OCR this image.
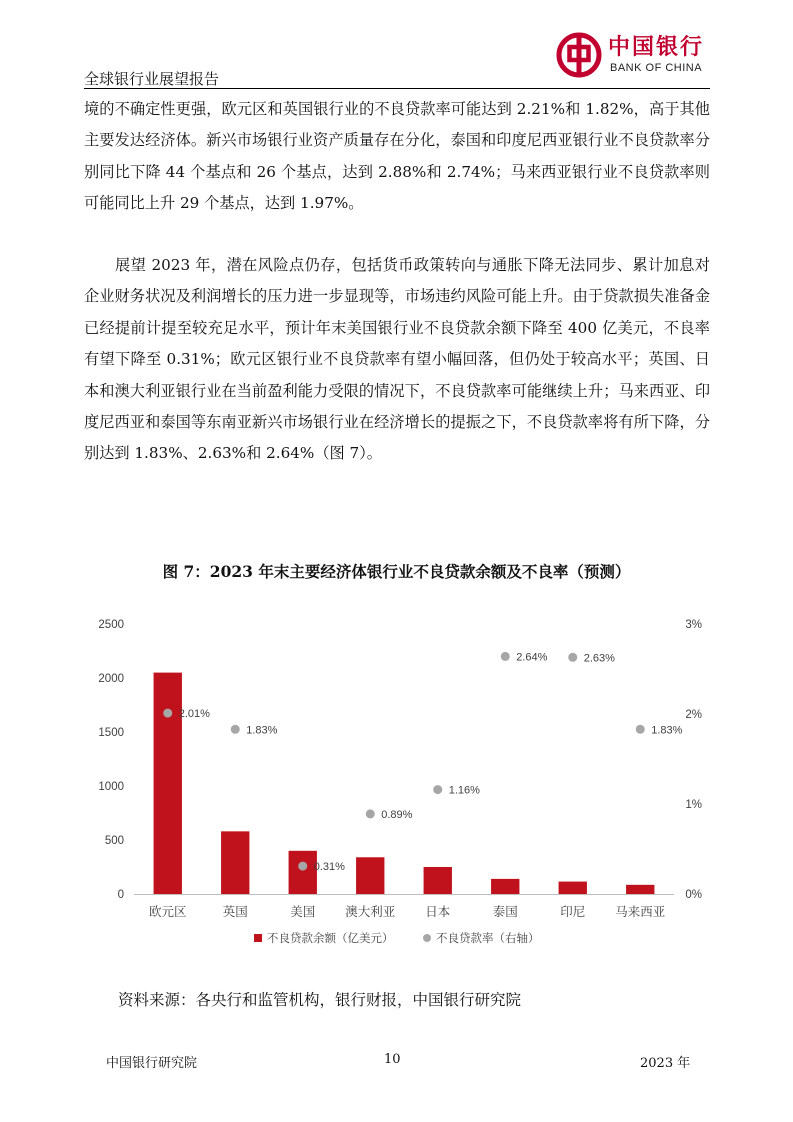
全球银行业展望报告
中国银行
BANK OF CHINA

境的不确定性更强，欧元区和英国银行业的不良贷款率可能达到 2.21%和 1.82%，高于其他主要发达经济体。新兴市场银行业资产质量存在分化，泰国和印度尼西亚银行业不良贷款率分别同比下降 44 个基点和 26 个基点，达到 2.88%和 2.74%；马来西亚银行业不良贷款率则可能同比上升 29 个基点，达到 1.97%。

展望 2023 年，潜在风险点仍存，包括货币政策转向与通胀下降无法同步、累计加息对企业财务状况及利润增长的压力进一步显现等，市场违约风险可能上升。由于贷款损失准备金已经提前计提至较充足水平，预计年末美国银行业不良贷款余额下降至 400 亿美元，不良率有望下降至 0.31%；欧元区银行业不良贷款率有望小幅回落，但仍处于较高水平；英国、日本和澳大利亚银行业在当前盈利能力受限的情况下，不良贷款率可能继续上升；马来西亚、印度尼西亚和泰国等东南亚新兴市场银行业在经济增长的提振之下，不良贷款率将有所下降，分别达到 1.83%、2.63%和 2.64%（图 7）。

图 7：2023 年末主要经济体银行业不良贷款余额及不良率（预测）
0
500
1000
1500
2000
2500
0%
1%
2%
3%
2.01%
1.83%
0.31%
0.89%
1.16%
2.64%	2.63%
1.83%
欧元区	英国	美国 澳大利亚 日本	泰国	印尼 马来西亚
不良贷款余额（亿美元）	不良贷款率（右轴）
资料来源：各央行和监管机构，银行财报，中国银行研究院
中国银行研究院	10	2023 年
